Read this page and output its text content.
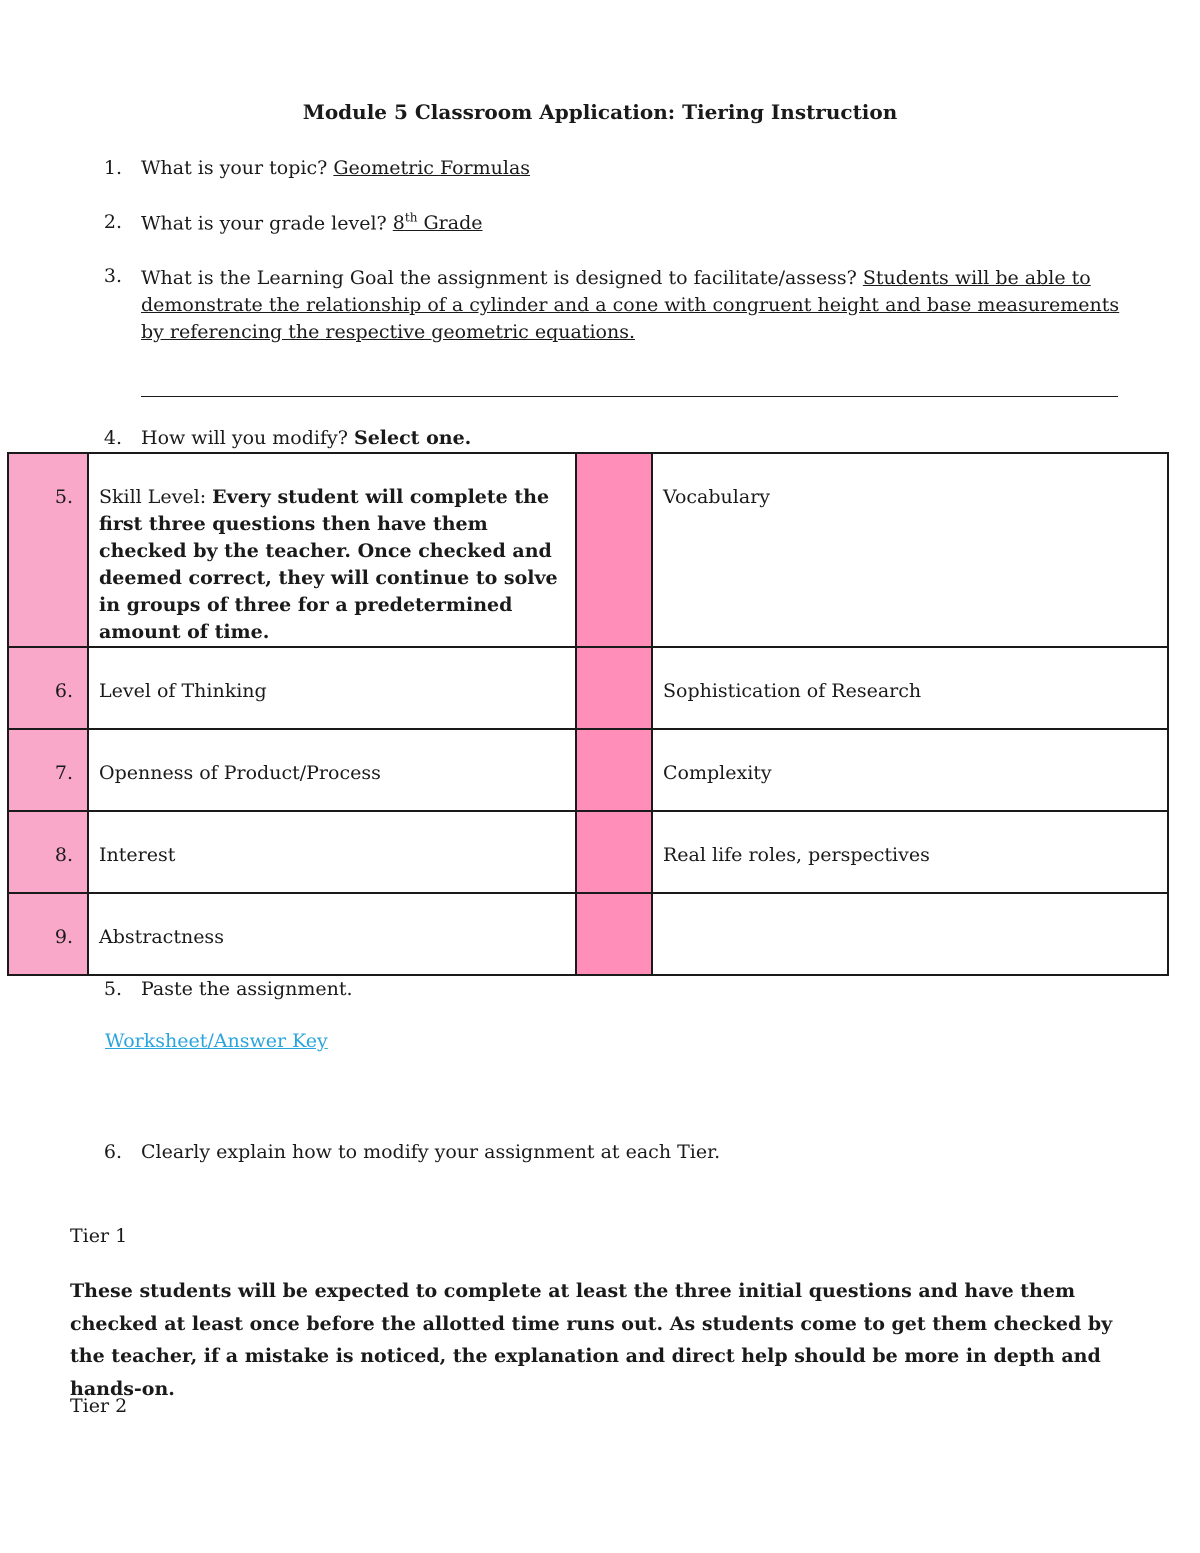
Module 5 Classroom Application: Tiering Instruction
1. What is your topic? Geometric Formulas
2. What is your grade level? 8th Grade
3. What is the Learning Goal the assignment is designed to facilitate/assess? Students will be able to demonstrate the relationship of a cylinder and a cone with congruent height and base measurements by referencing the respective geometric equations.
4. How will you modify? Select one.
5.	Skill Level: Every student will complete the first three questions then have them checked by the teacher. Once checked and deemed correct, they will continue to solve in groups of three for a predetermined amount of time.		Vocabulary

6.	Level of Thinking		Sophistication of Research

7.	Openness of Product/Process		Complexity

8.	Interest		Real life roles, perspectives

9.	Abstractness		

5. Paste the assignment.
Worksheet/Answer Key
6. Clearly explain how to modify your assignment at each Tier.
Tier 1
These students will be expected to complete at least the three initial questions and have them checked at least once before the allotted time runs out. As students come to get them checked by the teacher, if a mistake is noticed, the explanation and direct help should be more in depth and hands-on.
Tier 2
